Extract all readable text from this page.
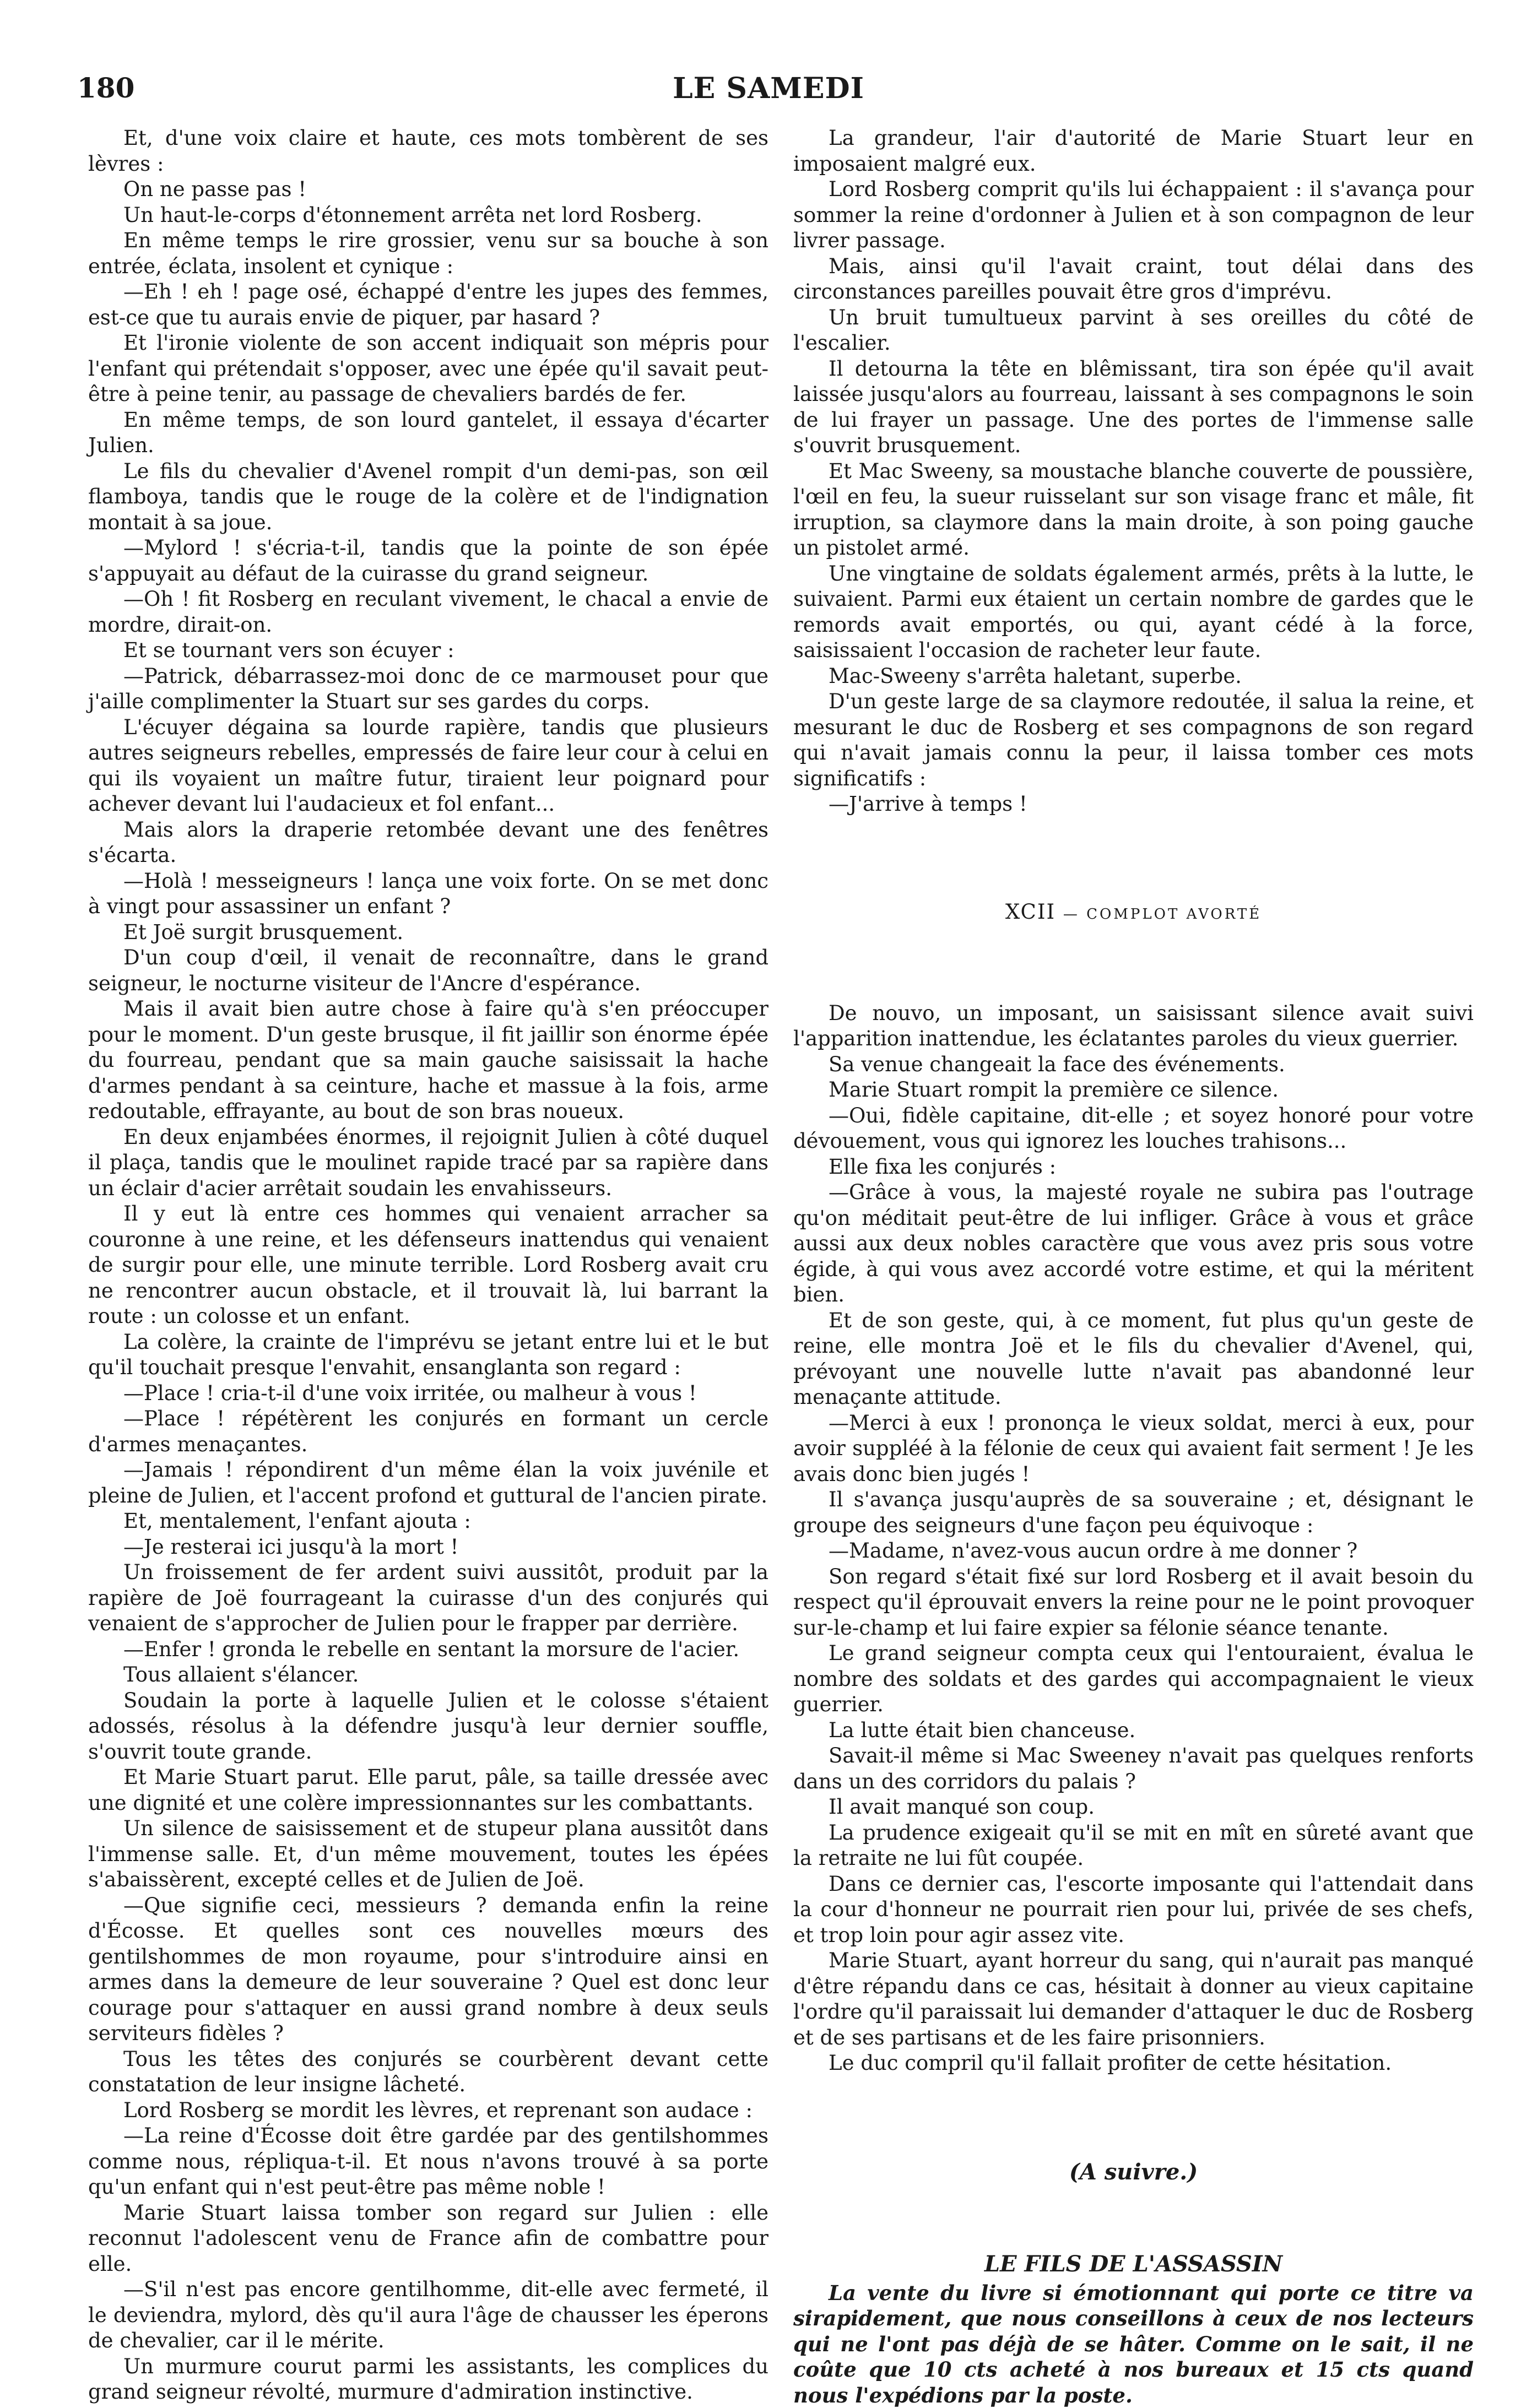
180	LE SAMEDI

Et, d'une voix claire et haute, ces mots tombèrent de ses lèvres :

On ne passe pas !

Un haut-le-corps d'étonnement arrêta net lord Rosberg.

En même temps le rire grossier, venu sur sa bouche à son entrée, éclata, insolent et cynique :

—Eh ! eh ! page osé, échappé d'entre les jupes des femmes, est-ce que tu aurais envie de piquer, par hasard ?

Et l'ironie violente de son accent indiquait son mépris pour l'enfant qui prétendait s'opposer, avec une épée qu'il savait peut-être à peine tenir, au passage de chevaliers bardés de fer.

En même temps, de son lourd gantelet, il essaya d'écarter Julien.

Le fils du chevalier d'Avenel rompit d'un demi-pas, son œil flamboya, tandis que le rouge de la colère et de l'indignation montait à sa joue.

—Mylord ! s'écria-t-il, tandis que la pointe de son épée s'appuyait au défaut de la cuirasse du grand seigneur.

—Oh ! fit Rosberg en reculant vivement, le chacal a envie de mordre, dirait-on.

Et se tournant vers son écuyer :

—Patrick, débarrassez-moi donc de ce marmouset pour que j'aille complimenter la Stuart sur ses gardes du corps.

L'écuyer dégaina sa lourde rapière, tandis que plusieurs autres seigneurs rebelles, empressés de faire leur cour à celui en qui ils voyaient un maître futur, tiraient leur poignard pour achever devant lui l'audacieux et fol enfant...

Mais alors la draperie retombée devant une des fenêtres s'écarta.

—Holà ! messeigneurs ! lança une voix forte. On se met donc à vingt pour assassiner un enfant ?

Et Joë surgit brusquement.

D'un coup d'œil, il venait de reconnaître, dans le grand seigneur, le nocturne visiteur de l'Ancre d'espérance.

Mais il avait bien autre chose à faire qu'à s'en préoccuper pour le moment. D'un geste brusque, il fit jaillir son énorme épée du fourreau, pendant que sa main gauche saisissait la hache d'armes pendant à sa ceinture, hache et massue à la fois, arme redoutable, effrayante, au bout de son bras noueux.

En deux enjambées énormes, il rejoignit Julien à côté duquel il plaça, tandis que le moulinet rapide tracé par sa rapière dans un éclair d'acier arrêtait soudain les envahisseurs.

Il y eut là entre ces hommes qui venaient arracher sa couronne à une reine, et les défenseurs inattendus qui venaient de surgir pour elle, une minute terrible. Lord Rosberg avait cru ne rencontrer aucun obstacle, et il trouvait là, lui barrant la route : un colosse et un enfant.

La colère, la crainte de l'imprévu se jetant entre lui et le but qu'il touchait presque l'envahit, ensanglanta son regard :

—Place ! cria-t-il d'une voix irritée, ou malheur à vous !

—Place ! répétèrent les conjurés en formant un cercle d'armes menaçantes.

—Jamais ! répondirent d'un même élan la voix juvénile et pleine de Julien, et l'accent profond et guttural de l'ancien pirate.

Et, mentalement, l'enfant ajouta :

—Je resterai ici jusqu'à la mort !

Un froissement de fer ardent suivi aussitôt, produit par la rapière de Joë fourrageant la cuirasse d'un des conjurés qui venaient de s'approcher de Julien pour le frapper par derrière.

—Enfer ! gronda le rebelle en sentant la morsure de l'acier.

Tous allaient s'élancer.

Soudain la porte à laquelle Julien et le colosse s'étaient adossés, résolus à la défendre jusqu'à leur dernier souffle, s'ouvrit toute grande.

Et Marie Stuart parut. Elle parut, pâle, sa taille dressée avec une dignité et une colère impressionnantes sur les combattants.

Un silence de saisissement et de stupeur plana aussitôt dans l'immense salle. Et, d'un même mouvement, toutes les épées s'abaissèrent, excepté celles et de Julien de Joë.

—Que signifie ceci, messieurs ? demanda enfin la reine d'Écosse. Et quelles sont ces nouvelles mœurs des gentilshommes de mon royaume, pour s'introduire ainsi en armes dans la demeure de leur souveraine ? Quel est donc leur courage pour s'attaquer en aussi grand nombre à deux seuls serviteurs fidèles ?

Tous les têtes des conjurés se courbèrent devant cette constatation de leur insigne lâcheté.

Lord Rosberg se mordit les lèvres, et reprenant son audace :

—La reine d'Écosse doit être gardée par des gentilshommes comme nous, répliqua-t-il. Et nous n'avons trouvé à sa porte qu'un enfant qui n'est peut-être pas même noble !

Marie Stuart laissa tomber son regard sur Julien : elle reconnut l'adolescent venu de France afin de combattre pour elle.

—S'il n'est pas encore gentilhomme, dit-elle avec fermeté, il le deviendra, mylord, dès qu'il aura l'âge de chausser les éperons de chevalier, car il le mérite.

Un murmure courut parmi les assistants, les complices du grand seigneur révolté, murmure d'admiration instinctive.

La grandeur, l'air d'autorité de Marie Stuart leur en imposaient malgré eux.

Lord Rosberg comprit qu'ils lui échappaient : il s'avança pour sommer la reine d'ordonner à Julien et à son compagnon de leur livrer passage.

Mais, ainsi qu'il l'avait craint, tout délai dans des circonstances pareilles pouvait être gros d'imprévu.

Un bruit tumultueux parvint à ses oreilles du côté de l'escalier.

Il detourna la tête en blêmissant, tira son épée qu'il avait laissée jusqu'alors au fourreau, laissant à ses compagnons le soin de lui frayer un passage. Une des portes de l'immense salle s'ouvrit brusquement.

Et Mac Sweeny, sa moustache blanche couverte de poussière, l'œil en feu, la sueur ruisselant sur son visage franc et mâle, fit irruption, sa claymore dans la main droite, à son poing gauche un pistolet armé.

Une vingtaine de soldats également armés, prêts à la lutte, le suivaient. Parmi eux étaient un certain nombre de gardes que le remords avait emportés, ou qui, ayant cédé à la force, saisissaient l'occasion de racheter leur faute.

Mac-Sweeny s'arrêta haletant, superbe.

D'un geste large de sa claymore redoutée, il salua la reine, et mesurant le duc de Rosberg et ses compagnons de son regard qui n'avait jamais connu la peur, il laissa tomber ces mots significatifs :

—J'arrive à temps !

XCII — COMPLOT AVORTÉ

De nouvo, un imposant, un saisissant silence avait suivi l'apparition inattendue, les éclatantes paroles du vieux guerrier.

Sa venue changeait la face des événements.

Marie Stuart rompit la première ce silence.

—Oui, fidèle capitaine, dit-elle ; et soyez honoré pour votre dévouement, vous qui ignorez les louches trahisons...

Elle fixa les conjurés :

—Grâce à vous, la majesté royale ne subira pas l'outrage qu'on méditait peut-être de lui infliger. Grâce à vous et grâce aussi aux deux nobles caractère que vous avez pris sous votre égide, à qui vous avez accordé votre estime, et qui la méritent bien.

Et de son geste, qui, à ce moment, fut plus qu'un geste de reine, elle montra Joë et le fils du chevalier d'Avenel, qui, prévoyant une nouvelle lutte n'avait pas abandonné leur menaçante attitude.

—Merci à eux ! prononça le vieux soldat, merci à eux, pour avoir suppléé à la félonie de ceux qui avaient fait serment ! Je les avais donc bien jugés !

Il s'avança jusqu'auprès de sa souveraine ; et, désignant le groupe des seigneurs d'une façon peu équivoque :

—Madame, n'avez-vous aucun ordre à me donner ?

Son regard s'était fixé sur lord Rosberg et il avait besoin du respect qu'il éprouvait envers la reine pour ne le point provoquer sur-le-champ et lui faire expier sa félonie séance tenante.

Le grand seigneur compta ceux qui l'entouraient, évalua le nombre des soldats et des gardes qui accompagnaient le vieux guerrier.

La lutte était bien chanceuse.

Savait-il même si Mac Sweeney n'avait pas quelques renforts dans un des corridors du palais ?

Il avait manqué son coup.

La prudence exigeait qu'il se mit en mît en sûreté avant que la retraite ne lui fût coupée.

Dans ce dernier cas, l'escorte imposante qui l'attendait dans la cour d'honneur ne pourrait rien pour lui, privée de ses chefs, et trop loin pour agir assez vite.

Marie Stuart, ayant horreur du sang, qui n'aurait pas manqué d'être répandu dans ce cas, hésitait à donner au vieux capitaine l'ordre qu'il paraissait lui demander d'attaquer le duc de Rosberg et de ses partisans et de les faire prisonniers.

Le duc compril qu'il fallait profiter de cette hésitation.

(A suivre.)
LE FILS DE L'ASSASSIN

La vente du livre si émotionnant qui porte ce titre va sirapidement, que nous conseillons à ceux de nos lecteurs qui ne l'ont pas déjà de se hâter. Comme on le sait, il ne coûte que 10 cts acheté à nos bureaux et 15 cts quand nous l'expédions par la poste.
